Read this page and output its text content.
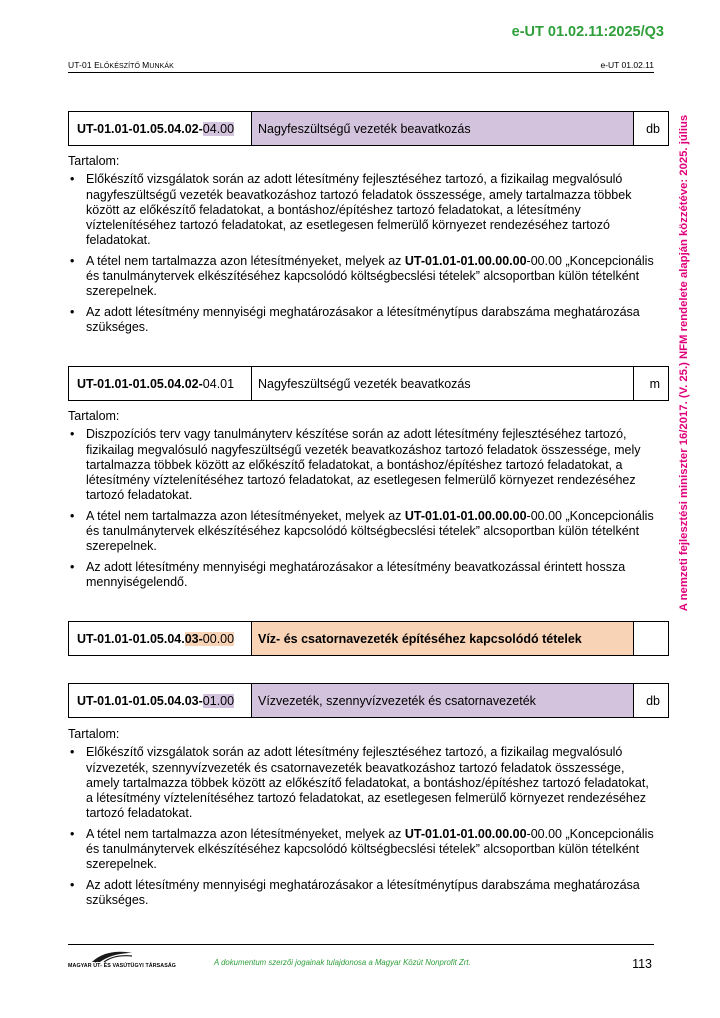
e-UT 01.02.11:2025/Q3
UT-01 ELŐKÉSZÍTŐ MUNKÁK	e-UT 01.02.11
A nemzeti fejlesztési miniszter 16/2017. (V. 25.) NFM rendelete alapján közzétéve: 2025. július
UT-01.01-01.05.04.02 - 04.00	Nagyfeszültségű vezeték beavatkozás	db

Tartalom:

• Előkészítő vizsgálatok során az adott létesítmény fejlesztéséhez tartozó, a fizikailag megvalósuló nagyfeszültségű vezeték beavatkozáshoz tartozó feladatok összessége, amely tartalmazza többek között az előkészítő feladatokat, a bontáshoz/építéshez tartozó feladatokat, a létesítmény víztelenítéséhez tartozó feladatokat, az esetlegesen felmerülő környezet rendezéséhez tartozó feladatokat.

• A tétel nem tartalmazza azon létesítményeket, melyek az UT-01.01-01.00.00.00-00.00 „Koncepcionális és tanulmánytervek elkészítéséhez kapcsolódó költségbecslési tételek” alcsoportban külön tételként szerepelnek.

• Az adott létesítmény mennyiségi meghatározásakor a létesítménytípus darabszáma meghatározása szükséges.

UT-01.01-01.05.04.02 - 04.01	Nagyfeszültségű vezeték beavatkozás	m

Tartalom:

• Diszpozíciós terv vagy tanulmányterv készítése során az adott létesítmény fejlesztéséhez tartozó, fizikailag megvalósuló nagyfeszültségű vezeték beavatkozáshoz tartozó feladatok összessége, mely tartalmazza többek között az előkészítő feladatokat, a bontáshoz/építéshez tartozó feladatokat, a létesítmény víztelenítéséhez tartozó feladatokat, az esetlegesen felmerülő környezet rendezéséhez tartozó feladatokat.

• A tétel nem tartalmazza azon létesítményeket, melyek az UT-01.01-01.00.00.00-00.00 „Koncepcionális és tanulmánytervek elkészítéséhez kapcsolódó költségbecslési tételek” alcsoportban külön tételként szerepelnek.

• Az adott létesítmény mennyiségi meghatározásakor a létesítmény beavatkozással érintett hossza mennyiségelendő.

UT-01.01-01.05.04. 03 - 00.00	Víz- és csatornavezeték építéséhez kapcsolódó tételek
UT-01.01-01.05.04.03 - 01.00	Vízvezeték, szennyvízvezeték és csatornavezeték	db

Tartalom:

• Előkészítő vizsgálatok során az adott létesítmény fejlesztéséhez tartozó, a fizikailag megvalósuló vízvezeték, szennyvízvezeték és csatornavezeték beavatkozáshoz tartozó feladatok összessége, amely tartalmazza többek között az előkészítő feladatokat, a bontáshoz/építéshez tartozó feladatokat, a létesítmény víztelenítéséhez tartozó feladatokat, az esetlegesen felmerülő környezet rendezéséhez tartozó feladatokat.

• A tétel nem tartalmazza azon létesítményeket, melyek az UT-01.01-01.00.00.00-00.00 „Koncepcionális és tanulmánytervek elkészítéséhez kapcsolódó költségbecslési tételek” alcsoportban külön tételként szerepelnek.

• Az adott létesítmény mennyiségi meghatározásakor a létesítménytípus darabszáma meghatározása szükséges.

MAGYAR ÚT- ÉS VASÚTÜGYI TÁRSASÁG	A dokumentum szerzői jogainak tulajdonosa a Magyar Közút Nonprofit Zrt.	113
